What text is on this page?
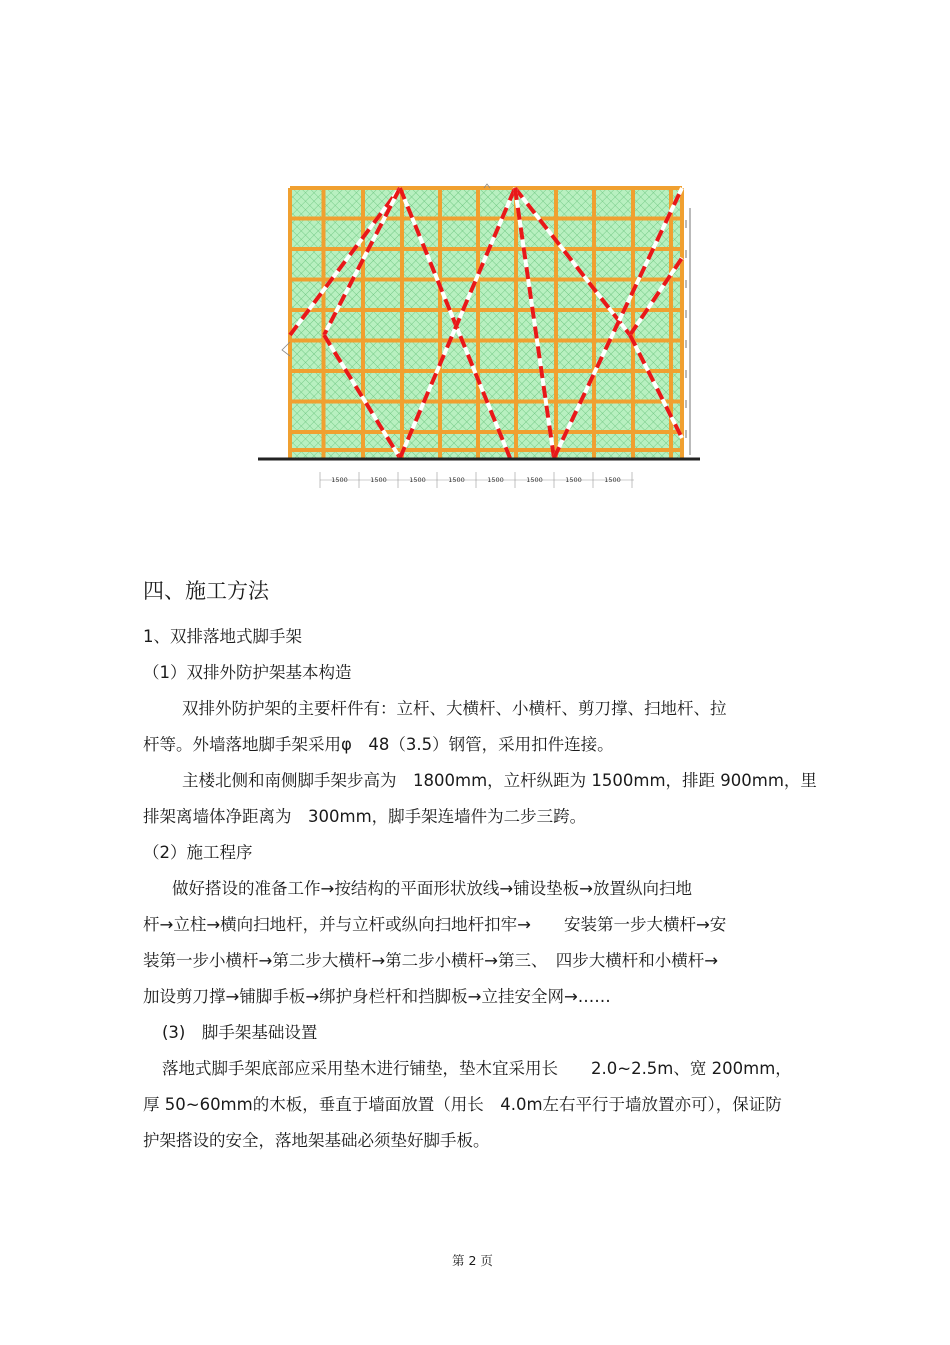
1500	1500	1500	1500	1500	1500	1500	1500
四、施工方法
1、双排落地式脚手架
（1）双排外防护架基本构造
双排外防护架的主要杆件有：立杆、大横杆、小横杆、剪刀撑、扫地杆、拉
杆等。外墙落地脚手架采用φ　48（3.5）钢管，采用扣件连接。
主楼北侧和南侧脚手架步高为　1800mm，立杆纵距为 1500mm，排距 900mm，里
排架离墙体净距离为　300mm，脚手架连墙件为二步三跨。
（2）施工程序
做好搭设的准备工作→按结构的平面形状放线→铺设垫板→放置纵向扫地
杆→立柱→横向扫地杆，并与立杆或纵向扫地杆扣牢→　　安装第一步大横杆→安
装第一步小横杆→第二步大横杆→第二步小横杆→第三、　四步大横杆和小横杆→
加设剪刀撑→铺脚手板→绑护身栏杆和挡脚板→立挂安全网→……
(3)　脚手架基础设置
落地式脚手架底部应采用垫木进行铺垫，垫木宜采用长　　2.0~2.5m、宽 200mm，
厚 50~60mm的木板，垂直于墙面放置（用长　4.0m左右平行于墙放置亦可），保证防
护架搭设的安全，落地架基础必须垫好脚手板。
第 2 页
